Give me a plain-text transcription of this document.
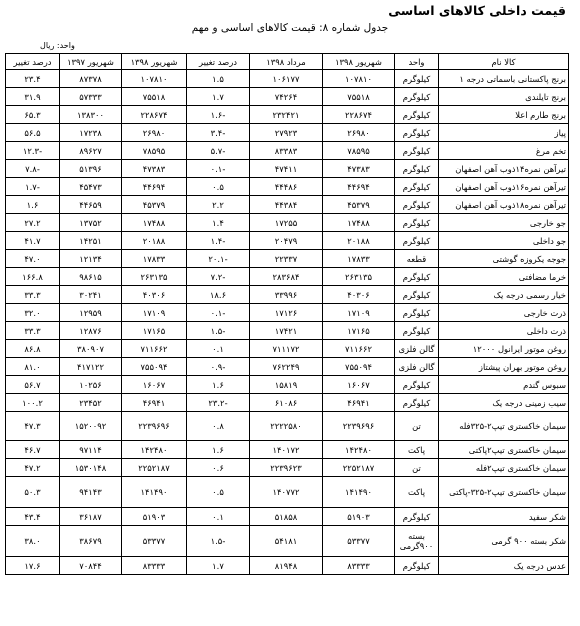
قیمت داخلی کالاهای اساسی
جدول شماره ۸: قیمت کالاهای اساسی و مهم
واحد: ریال
کالا نام	واحد	شهریور ۱۳۹۸	مرداد ۱۳۹۸	درصد تغییر	شهریور ۱۳۹۸	شهریور ۱۳۹۷	درصد تغییر
برنج پاکستانی باسماتی درجه ۱	کیلوگرم	۱۰۷۸۱۰	۱۰۶۱۷۷	۱.۵	۱۰۷۸۱۰	۸۷۳۷۸	۲۳.۴
برنج تایلندی	کیلوگرم	۷۵۵۱۸	۷۴۲۶۴	۱.۷	۷۵۵۱۸	۵۷۳۳۳	۳۱.۹
برنج طارم اعلا	کیلوگرم	۲۲۸۶۷۴	۲۳۲۴۲۱	-۱.۶	۲۲۸۶۷۴	۱۳۸۳۰۰	۶۵.۳
پیاز	کیلوگرم	۲۶۹۸۰	۲۷۹۲۳	-۳.۴	۲۶۹۸۰	۱۷۲۳۸	۵۶.۵
تخم مرغ	کیلوگرم	۷۸۵۹۵	۸۳۳۸۳	-۵.۷	۷۸۵۹۵	۸۹۶۲۷	-۱۲.۳
تیرآهن نمره۱۴ذوب آهن اصفهان	کیلوگرم	۴۷۳۸۳	۴۷۴۱۱	-۰.۱	۴۷۳۸۳	۵۱۳۹۶	-۷.۸
تیرآهن نمره۱۶ذوب آهن اصفهان	کیلوگرم	۴۴۶۹۴	۴۴۴۸۶	۰.۵	۴۴۶۹۴	۴۵۴۷۳	-۱.۷
تیرآهن نمره۱۸ذوب آهن اصفهان	کیلوگرم	۴۵۳۷۹	۴۴۳۸۴	۲.۲	۴۵۳۷۹	۴۴۶۵۹	۱.۶
جو خارجی	کیلوگرم	۱۷۴۸۸	۱۷۲۵۵	۱.۴	۱۷۴۸۸	۱۳۷۵۲	۲۷.۲
جو داخلی	کیلوگرم	۲۰۱۸۸	۲۰۴۷۹	-۱.۴	۲۰۱۸۸	۱۴۲۵۱	۴۱.۷
جوجه یکروزه گوشتی	قطعه	۱۷۸۳۳	۲۲۳۳۷	-۲۰.۱	۱۷۸۳۳	۱۲۱۳۴	۴۷.۰
خرما مضافتی	کیلوگرم	۲۶۳۱۳۵	۲۸۳۶۸۴	-۷.۲	۲۶۳۱۳۵	۹۸۶۱۵	۱۶۶.۸
خیار رسمی درجه یک	کیلوگرم	۴۰۳۰۶	۳۳۹۹۶	۱۸.۶	۴۰۳۰۶	۳۰۲۴۱	۳۳.۳
ذرت خارجی	کیلوگرم	۱۷۱۰۹	۱۷۱۲۶	-۰.۱	۱۷۱۰۹	۱۲۹۵۹	۳۲.۰
ذرت داخلی	کیلوگرم	۱۷۱۶۵	۱۷۴۲۱	-۱.۵	۱۷۱۶۵	۱۲۸۷۶	۳۳.۳
روغن موتور ایرانول ۱۲۰۰۰	گالن فلزی	۷۱۱۶۶۲	۷۱۱۱۷۲	۰.۱	۷۱۱۶۶۲	۳۸۰۹۰۷	۸۶.۸
روغن موتور بهران پیشتاز	گالن فلزی	۷۵۵۰۹۴	۷۶۲۲۴۹	-۰.۹	۷۵۵۰۹۴	۴۱۷۱۲۲	۸۱.۰
سبوس گندم	کیلوگرم	۱۶۰۶۷	۱۵۸۱۹	۱.۶	۱۶۰۶۷	۱۰۲۵۶	۵۶.۷
سیب زمینی درجه یک	کیلوگرم	۴۶۹۴۱	۶۱۰۸۶	-۲۳.۲	۴۶۹۴۱	۲۳۴۵۲	۱۰۰.۲
سیمان خاکستری تیپ۲-۳۲۵فله	تن	۲۲۳۹۶۹۶	۲۲۲۲۵۸۰	۰.۸	۲۲۳۹۶۹۶	۱۵۲۰۰۹۲	۴۷.۳
سیمان خاکستری تیپ۲پاکتی	پاکت	۱۴۲۴۸۰	۱۴۰۱۷۲	۱.۶	۱۴۲۴۸۰	۹۷۱۱۴	۴۶.۷
سیمان خاکستری تیپ۲فله	تن	۲۲۵۲۱۸۷	۲۲۳۹۶۲۳	۰.۶	۲۲۵۲۱۸۷	۱۵۳۰۱۴۸	۴۷.۲
سیمان خاکستری تیپ۲-۳۲۵-پاکتی	پاکت	۱۴۱۴۹۰	۱۴۰۷۷۲	۰.۵	۱۴۱۴۹۰	۹۴۱۴۳	۵۰.۳
شکر سفید	کیلوگرم	۵۱۹۰۳	۵۱۸۵۸	۰.۱	۵۱۹۰۳	۳۶۱۸۷	۴۳.۴
شکر بسته ۹۰۰ گرمی	بسته ۹۰۰گرمی	۵۳۳۷۷	۵۴۱۸۱	-۱.۵	۵۳۳۷۷	۳۸۶۷۹	۳۸.۰
عدس درجه یک	کیلوگرم	۸۳۳۳۳	۸۱۹۴۸	۱.۷	۸۳۳۳۳	۷۰۸۴۴	۱۷.۶
